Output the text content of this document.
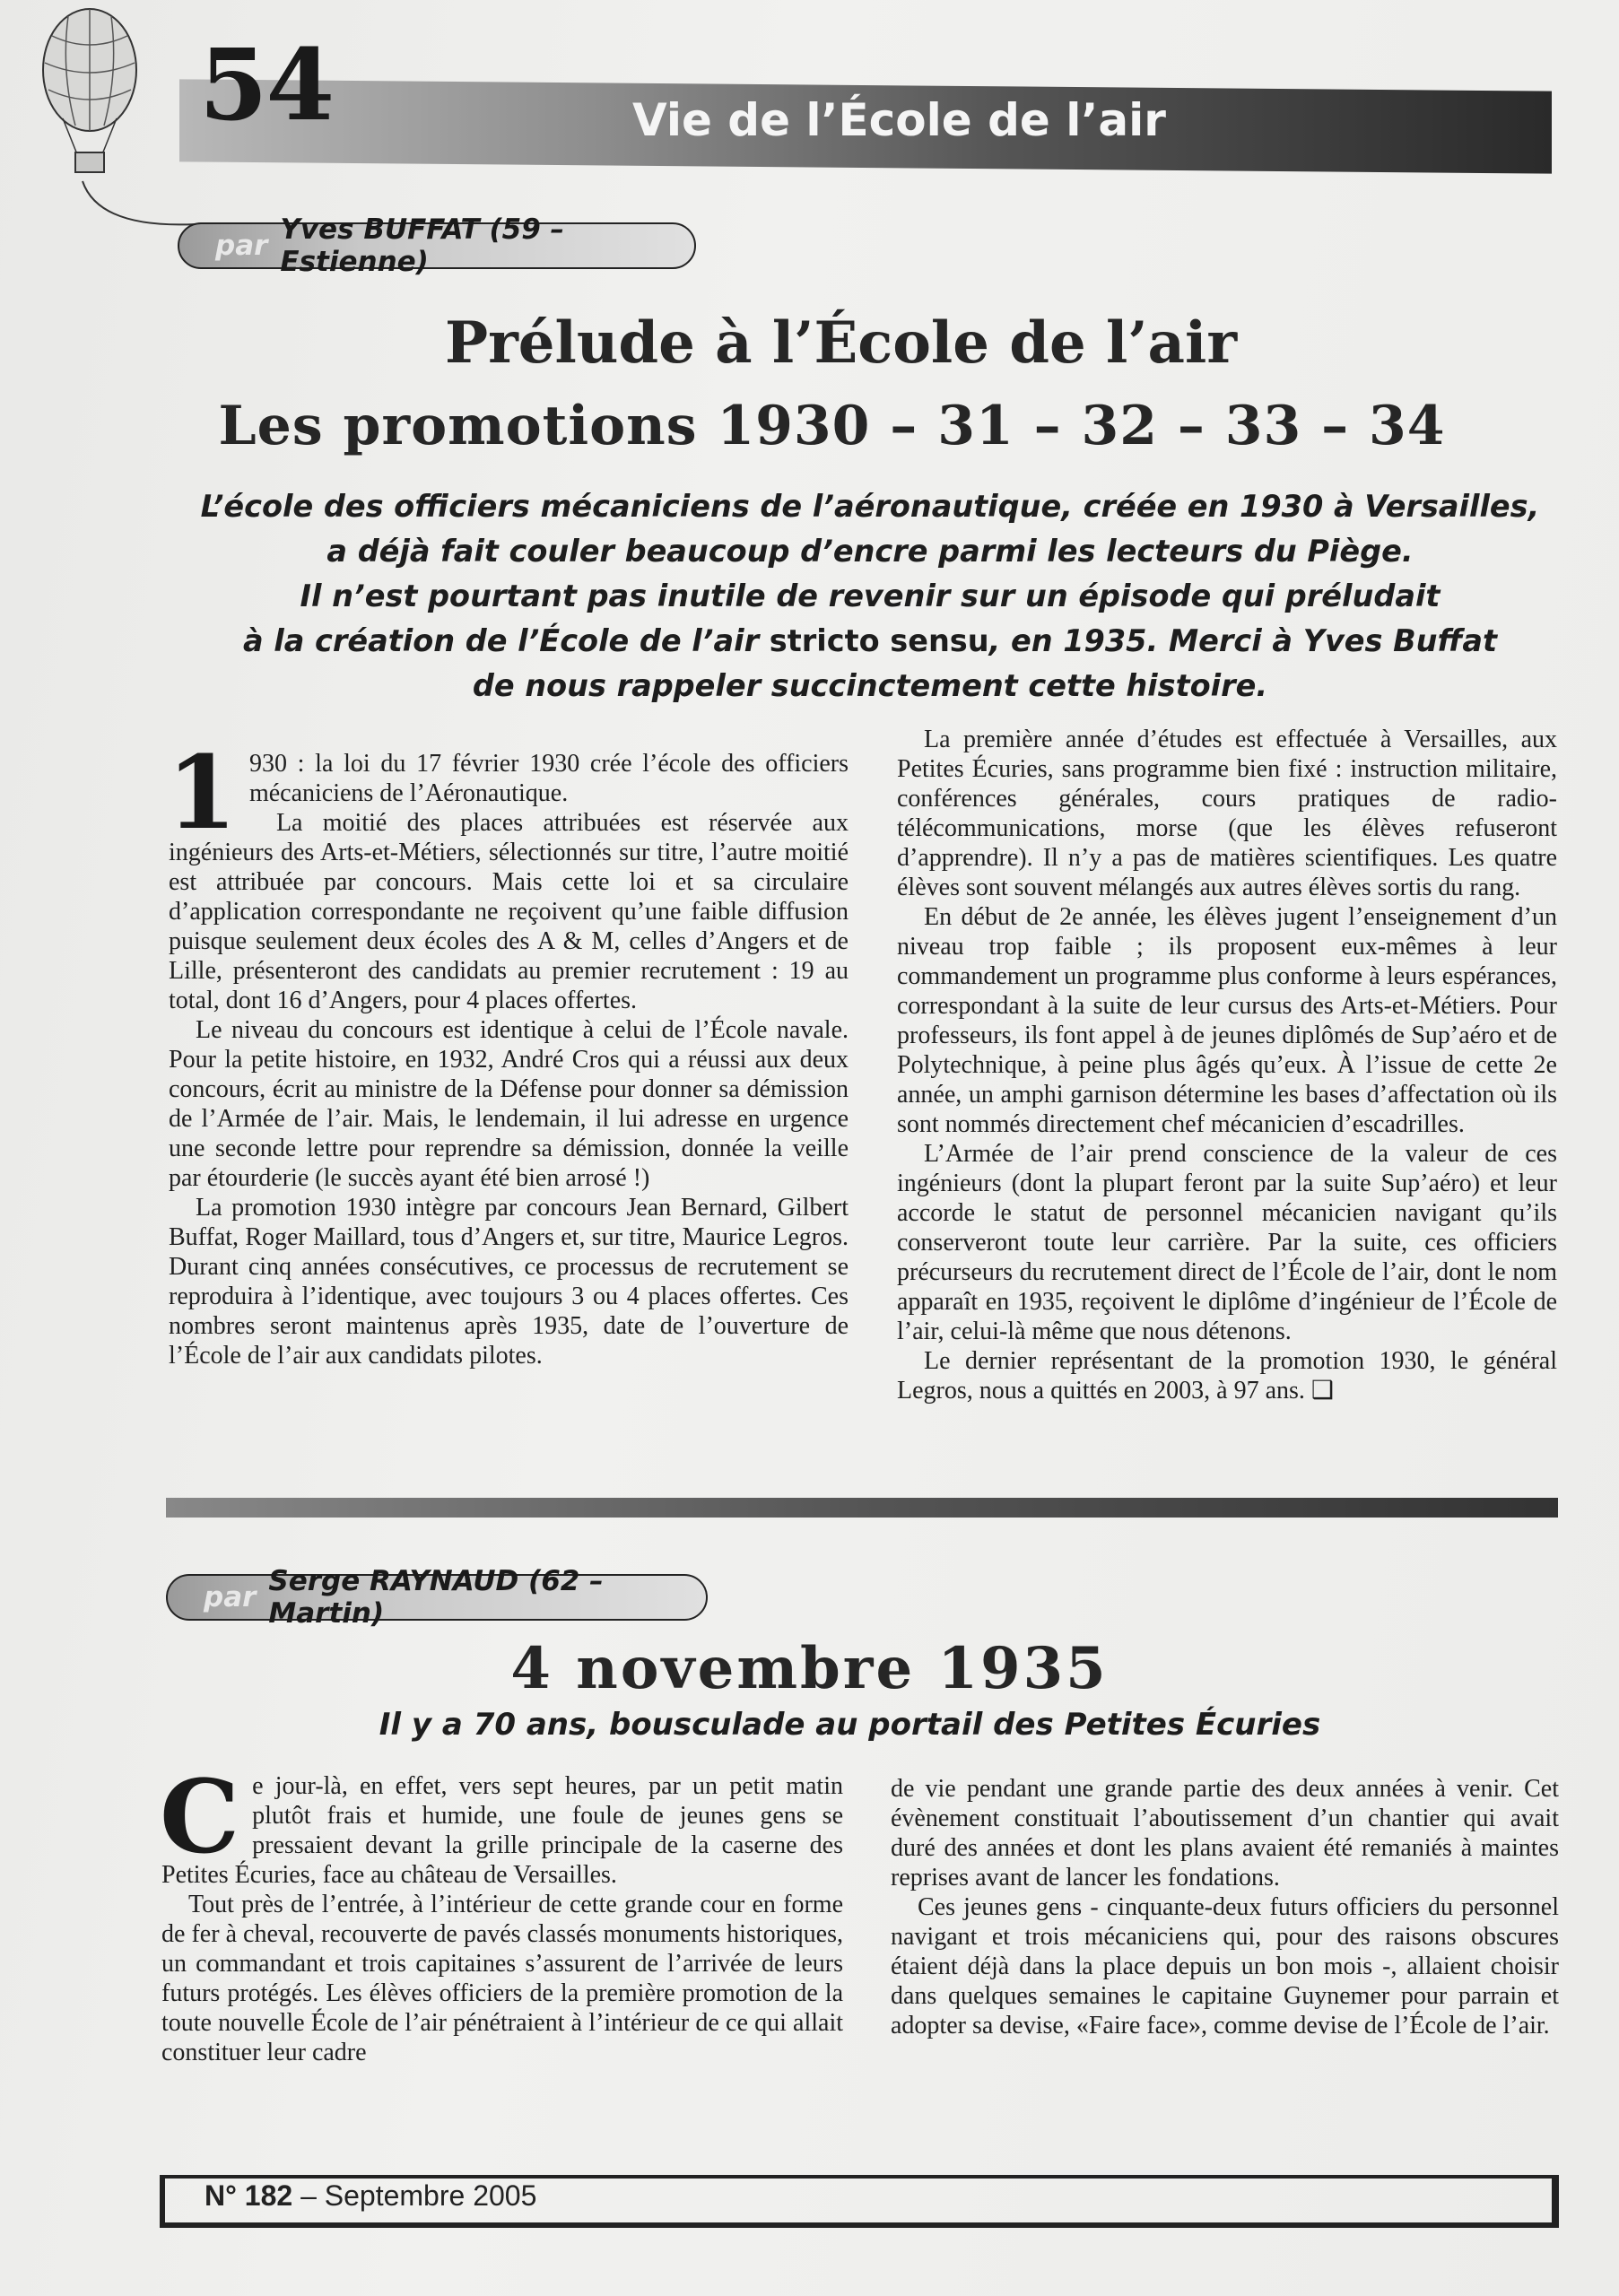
54	Vie de l’École de l’air
par Yves BUFFAT (59 – Estienne)
Prélude à l’École de l’air
Les promotions 1930 – 31 – 32 – 33 – 34
L’école des officiers mécaniciens de l’aéronautique, créée en 1930 à Versailles,
a déjà fait couler beaucoup d’encre parmi les lecteurs du Piège.
Il n’est pourtant pas inutile de revenir sur un épisode qui préludait
à la création de l’École de l’air stricto sensu, en 1935. Merci à Yves Buffat
de nous rappeler succinctement cette histoire.
1 930 : la loi du 17 février 1930 crée l’école des officiers mécaniciens de l’Aéronautique.

La moitié des places attribuées est réservée aux ingénieurs des Arts-et-Métiers, sélectionnés sur titre, l’autre moitié est attribuée par concours. Mais cette loi et sa circulaire d’application correspondante ne reçoivent qu’une faible diffusion puisque seulement deux écoles des A & M, celles d’Angers et de Lille, présenteront des candidats au premier recrutement : 19 au total, dont 16 d’Angers, pour 4 places offertes.

Le niveau du concours est identique à celui de l’École navale. Pour la petite histoire, en 1932, André Cros qui a réussi aux deux concours, écrit au ministre de la Défense pour donner sa démission de l’Armée de l’air. Mais, le lendemain, il lui adresse en urgence une seconde lettre pour reprendre sa démission, donnée la veille par étourderie (le succès ayant été bien arrosé !)

La promotion 1930 intègre par concours Jean Bernard, Gilbert Buffat, Roger Maillard, tous d’Angers et, sur titre, Maurice Legros. Durant cinq années consécutives, ce processus de recrutement se reproduira à l’identique, avec toujours 3 ou 4 places offertes. Ces nombres seront maintenus après 1935, date de l’ouverture de l’École de l’air aux candidats pilotes.

La première année d’études est effectuée à Versailles, aux Petites Écuries, sans programme bien fixé : instruction militaire, conférences générales, cours pratiques de radio-télécommunications, morse (que les élèves refuseront d’apprendre). Il n’y a pas de matières scientifiques. Les quatre élèves sont souvent mélangés aux autres élèves sortis du rang.

En début de 2e année, les élèves jugent l’enseignement d’un niveau trop faible ; ils proposent eux-mêmes à leur commandement un programme plus conforme à leurs espérances, correspondant à la suite de leur cursus des Arts-et-Métiers. Pour professeurs, ils font appel à de jeunes diplômés de Sup’aéro et de Polytechnique, à peine plus âgés qu’eux. À l’issue de cette 2e année, un amphi garnison détermine les bases d’affectation où ils sont nommés directement chef mécanicien d’escadrilles.

L’Armée de l’air prend conscience de la valeur de ces ingénieurs (dont la plupart feront par la suite Sup’aéro) et leur accorde le statut de personnel mécanicien navigant qu’ils conserveront toute leur carrière. Par la suite, ces officiers précurseurs du recrutement direct de l’École de l’air, dont le nom apparaît en 1935, reçoivent le diplôme d’ingénieur de l’École de l’air, celui-là même que nous détenons.

Le dernier représentant de la promotion 1930, le général Legros, nous a quittés en 2003, à 97 ans. ❑

par Serge RAYNAUD (62 – Martin)
4 novembre 1935
Il y a 70 ans, bousculade au portail des Petites Écuries
C e jour-là, en effet, vers sept heures, par un petit matin plutôt frais et humide, une foule de jeunes gens se pressaient devant la grille principale de la caserne des Petites Écuries, face au château de Versailles.

Tout près de l’entrée, à l’intérieur de cette grande cour en forme de fer à cheval, recouverte de pavés classés monuments historiques, un commandant et trois capitaines s’assurent de l’arrivée de leurs futurs protégés. Les élèves officiers de la première promotion de la toute nouvelle École de l’air pénétraient à l’intérieur de ce qui allait constituer leur cadre

de vie pendant une grande partie des deux années à venir. Cet évènement constituait l’aboutissement d’un chantier qui avait duré des années et dont les plans avaient été remaniés à maintes reprises avant de lancer les fondations.

Ces jeunes gens - cinquante-deux futurs officiers du personnel navigant et trois mécaniciens qui, pour des raisons obscures étaient déjà dans la place depuis un bon mois -, allaient choisir dans quelques semaines le capitaine Guynemer pour parrain et adopter sa devise, «Faire face», comme devise de l’École de l’air.

N° 182 – Septembre 2005
